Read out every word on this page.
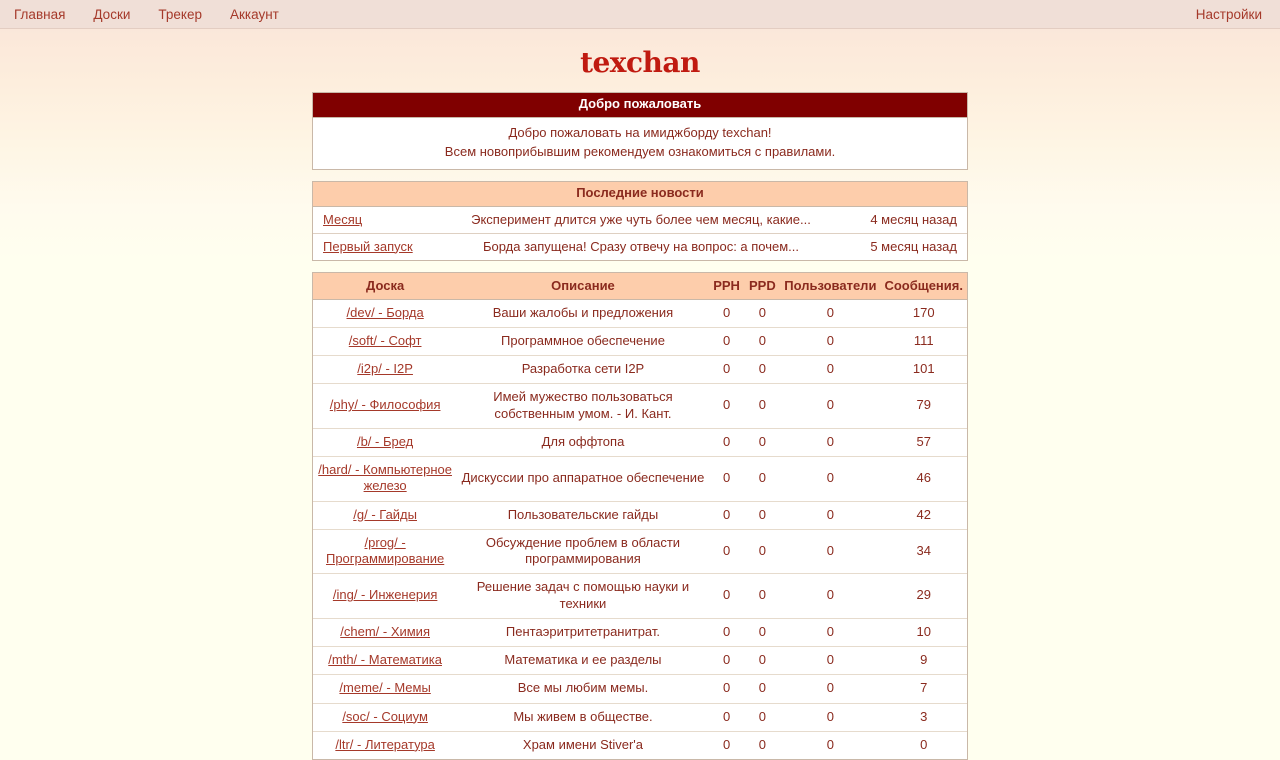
Главная Доски Трекер Аккаунт	Настройки
texchan
Добро пожаловать
Добро пожаловать на имиджборду texchan!
Всем новоприбывшим рекомендуем ознакомиться с правилами.
Последние новости
Месяц	Эксперимент длится уже чуть более чем месяц, какие...	4 месяц назад
Первый запуск	Борда запущена! Сразу отвечу на вопрос: а почем...	5 месяц назад
Доска	Описание	PPH	PPD	Пользователи	Сообщения.
/dev/ - Борда	Ваши жалобы и предложения	0	0	0	170
/soft/ - Софт	Программное обеспечение	0	0	0	111
/i2p/ - I2P	Разработка сети I2P	0	0	0	101
/phy/ - Философия	Имей мужество пользоваться собственным умом. - И. Кант.	0	0	0	79
/b/ - Бред	Для оффтопа	0	0	0	57
/hard/ - Компьютерное железо	Дискуссии про аппаратное обеспечение	0	0	0	46
/g/ - Гайды	Пользовательские гайды	0	0	0	42
/prog/ - Программирование	Обсуждение проблем в области программирования	0	0	0	34
/ing/ - Инженерия	Решение задач с помощью науки и техники	0	0	0	29
/chem/ - Химия	Пентаэритритетранитрат.	0	0	0	10
/mth/ - Математика	Математика и ее разделы	0	0	0	9
/meme/ - Мемы	Все мы любим мемы.	0	0	0	7
/soc/ - Социум	Мы живем в обществе.	0	0	0	3
/ltr/ - Литература	Храм имени Stiver'a	0	0	0	0
